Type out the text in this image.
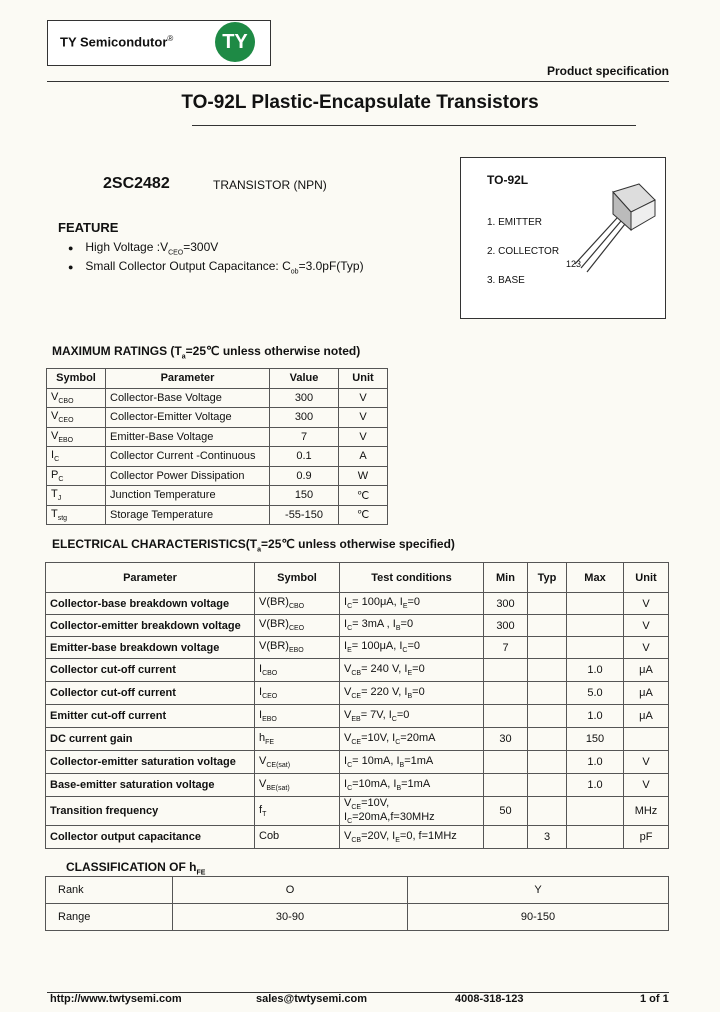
TY Semicondutor®	TY
Product specification
TO-92L Plastic-Encapsulate Transistors
2SC2482	TRANSISTOR (NPN)	TO-92L
1. EMITTER
2. COLLECTOR
3. BASE
123
FEATURE
● High Voltage $:V_{CEO}=300V$
● Small Collector Output Capacitance: $C_{ob}=3.0pF(Typ)$
MAXIMUM RATINGS ($T_a=25℃$ unless otherwise noted)
Symbol	Parameter	Value	Unit
$V_{CBO}$	Collector-Base Voltage	300	V
$V_{CEO}$	Collector-Emitter Voltage	300	V
$V_{EBO}$	Emitter-Base Voltage	7	V
$I_C$	Collector Current -Continuous	0.1	A
$P_C$	Collector Power Dissipation	0.9	W
$T_J$	Junction Temperature	150	℃
$T_{stg}$	Storage Temperature	-55-150	℃
ELECTRICAL $CHARACTERISTICS(T_a=25℃$ unless otherwise specified)
Parameter	Symbol	Test conditions	Min	Typ	Max	Unit
Collector-base breakdown voltage	$V(BR)_{CBO}$	$I_C= 100\mu A$, $I_E=0$	300			V
Collector-emitter breakdown voltage	$V(BR)_{CEO}$	$I_C= 3mA$ , $I_B=0$	300			V
Emitter-base breakdown voltage	$V(BR)_{EBO}$	$I_E= 100\mu A$, $I_C=0$	7			V
Collector cut-off current	$I_{CBO}$	$V_{CB}= 240$ V, $I_E=0$			1.0	μA
Collector cut-off current	$I_{CEO}$	$V_{CE}= 220$ V, $I_B=0$			5.0	μA
Emitter cut-off current	$I_{EBO}$	$V_{EB}= 7V$, $I_C=0$			1.0	μA
DC current gain	$h_{FE}$	$V_{CE}=10V$, $I_C=20mA$	30		150	
Collector-emitter saturation voltage	$V_{CE(sat)}$	$I_C= 10mA$, $I_B=1mA$			1.0	V
Base-emitter saturation voltage	$V_{BE(sat)}$	$I_C=10mA$, $I_B=1mA$			1.0	V
Transition frequency	$f_T$	$V_{CE}=10V$, $I_C=20mA,f=30MHz$	50			MHz
Collector output capacitance	Cob	$V_{CB}=20V$, $I_E=0$, f=1MHz		3		pF
CLASSIFICATION OF $h_{FE}$
Rank	O	Y
Range	30-90	90-150
http://www.twtysemi.com	sales@twtysemi.com	4008-318-123	1 of 1
